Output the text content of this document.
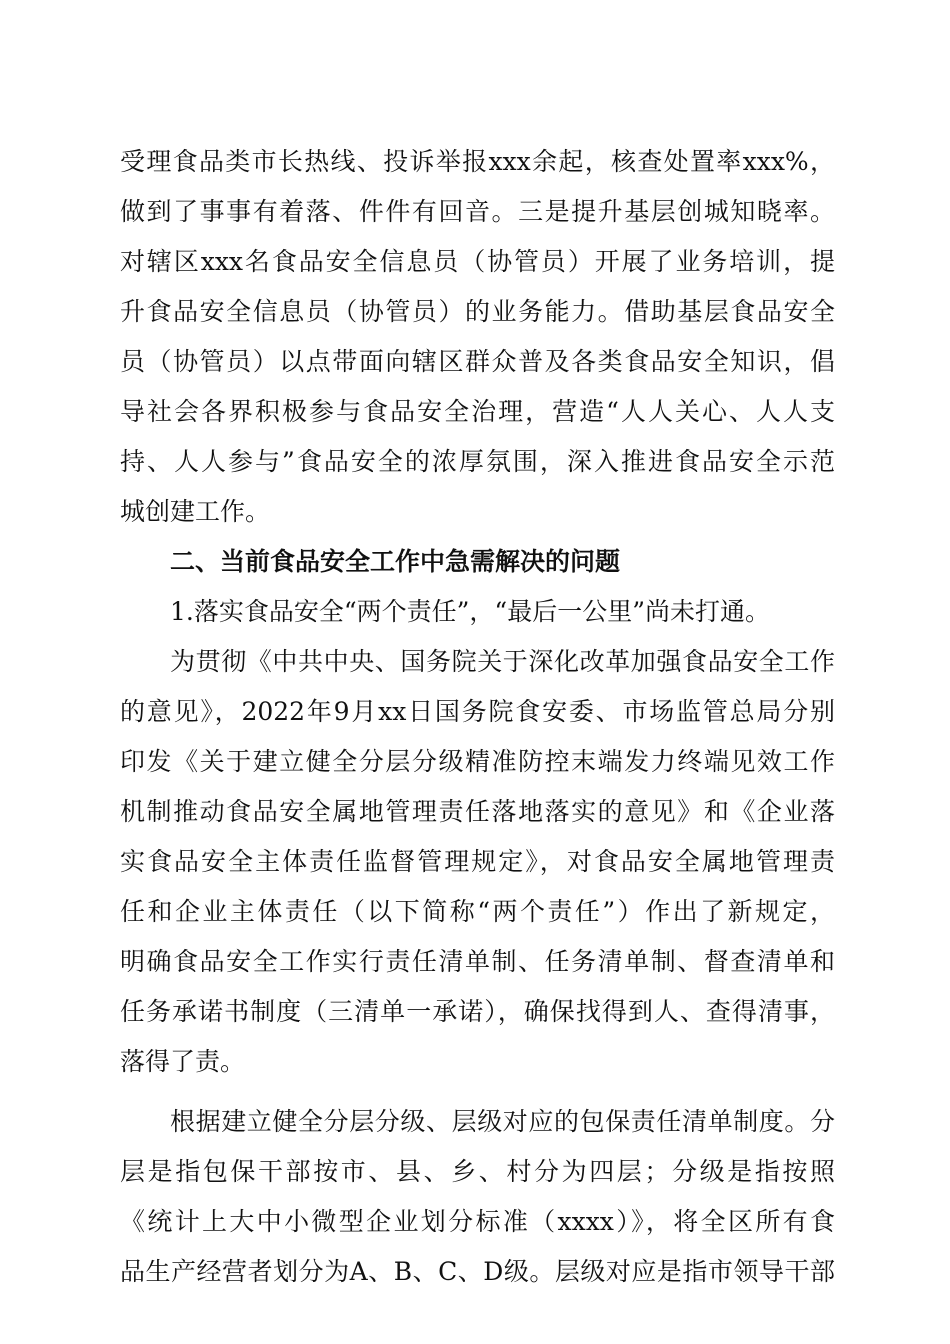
受理食品类市长热线、投诉举报xxx余起，核查处置率xxx%，
做到了事事有着落、件件有回音。三是提升基层创城知晓率。
对辖区xxx名食品安全信息员（协管员）开展了业务培训，提
升食品安全信息员（协管员）的业务能力。借助基层食品安全
员（协管员）以点带面向辖区群众普及各类食品安全知识，倡
导社会各界积极参与食品安全治理，营造“人人关心、人人支
持、人人参与”食品安全的浓厚氛围，深入推进食品安全示范
城创建工作。
二、当前食品安全工作中急需解决的问题
1.落实食品安全“两个责任”，“最后一公里”尚未打通。
为贯彻《中共中央、国务院关于深化改革加强食品安全工作
的意见》，2022年9月xx日国务院食安委、市场监管总局分别
印发《关于建立健全分层分级精准防控末端发力终端见效工作
机制推动食品安全属地管理责任落地落实的意见》和《企业落
实食品安全主体责任监督管理规定》，对食品安全属地管理责
任和企业主体责任（以下简称“两个责任”）作出了新规定，
明确食品安全工作实行责任清单制、任务清单制、督查清单和
任务承诺书制度（三清单一承诺），确保找得到人、查得清事，
落得了责。
根据建立健全分层分级、层级对应的包保责任清单制度。分
层是指包保干部按市、县、乡、村分为四层；分级是指按照
《统计上大中小微型企业划分标准（xxxx）》，将全区所有食
品生产经营者划分为A、B、C、D级。层级对应是指市领导干部
